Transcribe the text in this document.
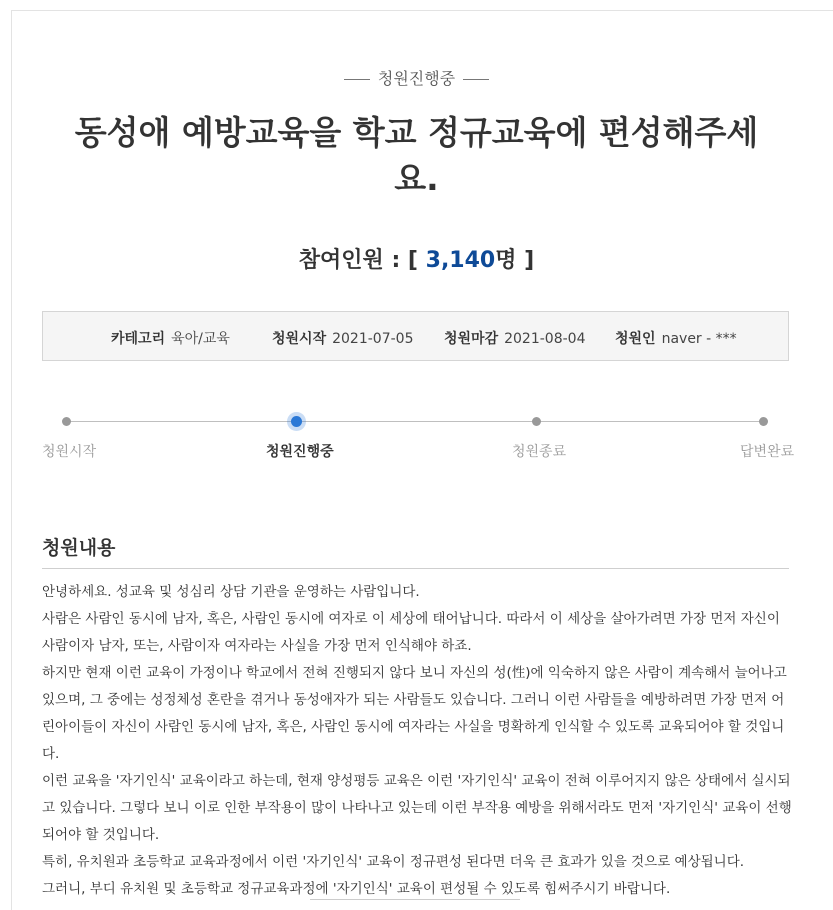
청원진행중
동성애 예방교육을 학교 정규교육에 편성해주세요.
참여인원 : [ 3,140명 ]
카테고리 육아/교육	청원시작 2021-07-05 청원마감 2021-08-04 청원인 naver - ***
청원시작	청원진행중	청원종료	답변완료
청원내용

안녕하세요. 성교육 및 성심리 상담 기관을 운영하는 사람입니다.

사람은 사람인 동시에 남자, 혹은, 사람인 동시에 여자로 이 세상에 태어납니다. 따라서 이 세상을 살아가려면 가장 먼저 자신이 사람이자 남자, 또는, 사람이자 여자라는 사실을 가장 먼저 인식해야 하죠.

하지만 현재 이런 교육이 가정이나 학교에서 전혀 진행되지 않다 보니 자신의 성(性)에 익숙하지 않은 사람이 계속해서 늘어나고 있으며, 그 중에는 성정체성 혼란을 겪거나 동성애자가 되는 사람들도 있습니다. 그러니 이런 사람들을 예방하려면 가장 먼저 어린아이들이 자신이 사람인 동시에 남자, 혹은, 사람인 동시에 여자라는 사실을 명확하게 인식할 수 있도록 교육되어야 할 것입니다.

이런 교육을 '자기인식' 교육이라고 하는데, 현재 양성평등 교육은 이런 '자기인식' 교육이 전혀 이루어지지 않은 상태에서 실시되고 있습니다. 그렇다 보니 이로 인한 부작용이 많이 나타나고 있는데 이런 부작용 예방을 위해서라도 먼저 '자기인식' 교육이 선행되어야 할 것입니다.

특히, 유치원과 초등학교 교육과정에서 이런 '자기인식' 교육이 정규편성 된다면 더욱 큰 효과가 있을 것으로 예상됩니다.

그러니, 부디 유치원 및 초등학교 정규교육과정에 '자기인식' 교육이 편성될 수 있도록 힘써주시기 바랍니다.
